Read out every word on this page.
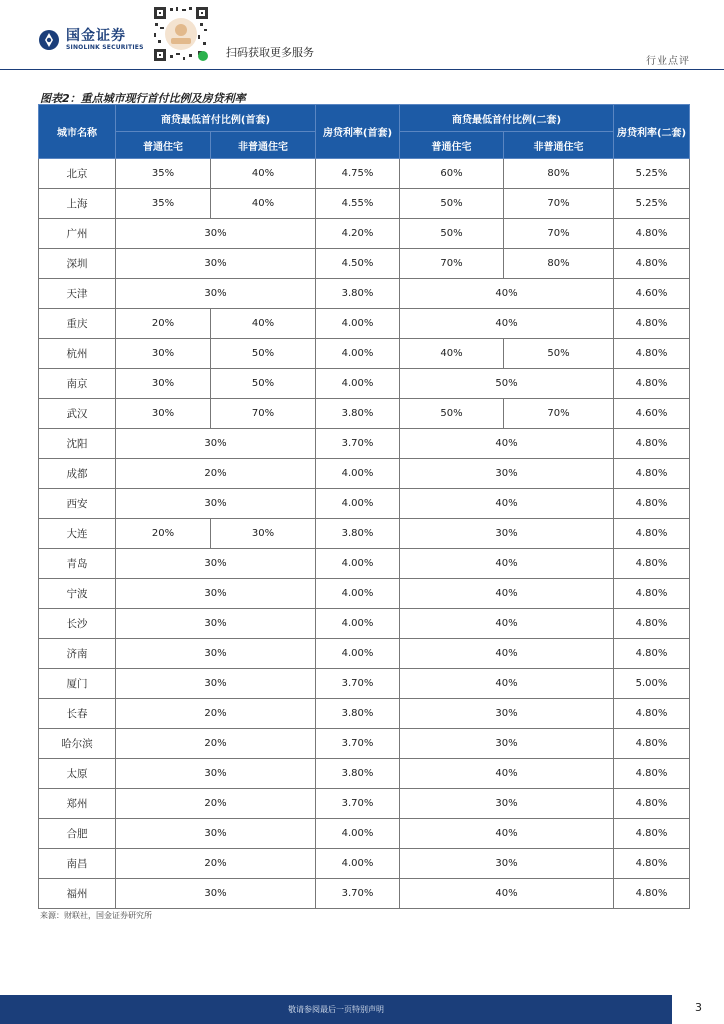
国金证券
SINOLINK SECURITIES	扫码获取更多服务
行业点评
图表2：重点城市现行首付比例及房贷利率
城市名称	商贷最低首付比例(首套)		房贷利率(首套)	商贷最低首付比例(二套)		房贷利率(二套)
	普通住宅	非普通住宅		普通住宅	非普通住宅	
北京	35%	40%	4.75%	60%	80%	5.25%
上海	35%	40%	4.55%	50%	70%	5.25%
广州	30%		4.20%	50%	70%	4.80%
深圳	30%		4.50%	70%	80%	4.80%
天津	30%		3.80%	40%		4.60%
重庆	20%	40%	4.00%	40%		4.80%
杭州	30%	50%	4.00%	40%	50%	4.80%
南京	30%	50%	4.00%	50%		4.80%
武汉	30%	70%	3.80%	50%	70%	4.60%
沈阳	30%		3.70%	40%		4.80%
成都	20%		4.00%	30%		4.80%
西安	30%		4.00%	40%		4.80%
大连	20%	30%	3.80%	30%		4.80%
青岛	30%		4.00%	40%		4.80%
宁波	30%		4.00%	40%		4.80%
长沙	30%		4.00%	40%		4.80%
济南	30%		4.00%	40%		4.80%
厦门	30%		3.70%	40%		5.00%
长春	20%		3.80%	30%		4.80%
哈尔滨	20%		3.70%	30%		4.80%
太原	30%		3.80%	40%		4.80%
郑州	20%		3.70%	30%		4.80%
合肥	30%		4.00%	40%		4.80%
南昌	20%		4.00%	30%		4.80%
福州	30%		3.70%	40%		4.80%
来源：财联社，国金证券研究所
敬请参阅最后一页特别声明	3
